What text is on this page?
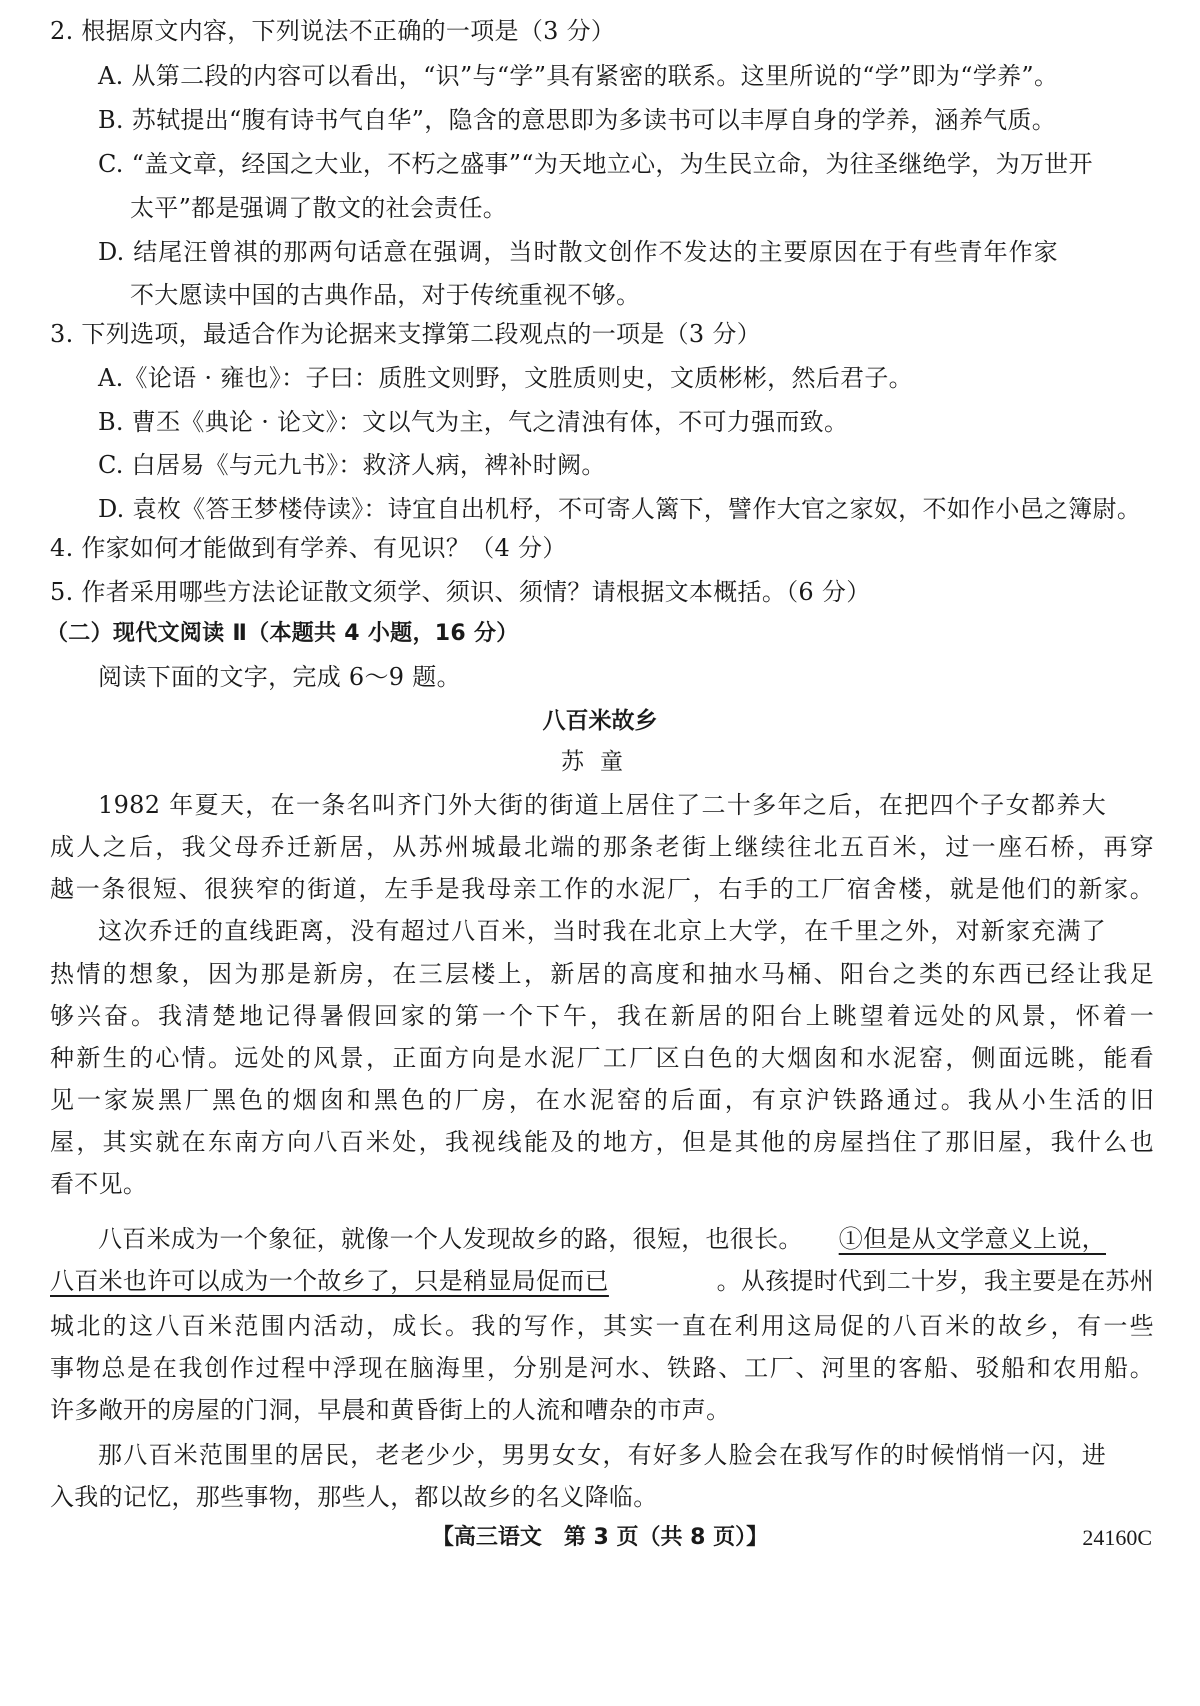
2. 根据原文内容，下列说法不正确的一项是（3 分）
A. 从第二段的内容可以看出，“识”与“学”具有紧密的联系。这里所说的“学”即为“学养”。
B. 苏轼提出“腹有诗书气自华”，隐含的意思即为多读书可以丰厚自身的学养，涵养气质。
C. “盖文章，经国之大业，不朽之盛事”“为天地立心，为生民立命，为往圣继绝学，为万世开
太平”都是强调了散文的社会责任。
D. 结尾汪曾祺的那两句话意在强调，当时散文创作不发达的主要原因在于有些青年作家
不大愿读中国的古典作品，对于传统重视不够。
3. 下列选项，最适合作为论据来支撑第二段观点的一项是（3 分）
A.《论语 · 雍也》：子曰：质胜文则野，文胜质则史，文质彬彬，然后君子。
B. 曹丕《典论 · 论文》：文以气为主，气之清浊有体，不可力强而致。
C. 白居易《与元九书》：救济人病，裨补时阙。
D. 袁枚《答王梦楼侍读》：诗宜自出机杼，不可寄人篱下，譬作大官之家奴，不如作小邑之簿尉。
4. 作家如何才能做到有学养、有见识？（4 分）
5. 作者采用哪些方法论证散文须学、须识、须情？请根据文本概括。（6 分）
（二）现代文阅读 Ⅱ（本题共 4 小题，16 分）
阅读下面的文字，完成 6～9 题。
八百米故乡
苏童
1982 年夏天，在一条名叫齐门外大街的街道上居住了二十多年之后，在把四个子女都养大
成人之后，我父母乔迁新居，从苏州城最北端的那条老街上继续往北五百米，过一座石桥，再穿
越一条很短、很狭窄的街道，左手是我母亲工作的水泥厂，右手的工厂宿舍楼，就是他们的新家。
这次乔迁的直线距离，没有超过八百米，当时我在北京上大学，在千里之外，对新家充满了
热情的想象，因为那是新房，在三层楼上，新居的高度和抽水马桶、阳台之类的东西已经让我足
够兴奋。我清楚地记得暑假回家的第一个下午，我在新居的阳台上眺望着远处的风景，怀着一
种新生的心情。远处的风景，正面方向是水泥厂工厂区白色的大烟囱和水泥窑，侧面远眺，能看
见一家炭黑厂黑色的烟囱和黑色的厂房，在水泥窑的后面，有京沪铁路通过。我从小生活的旧
屋，其实就在东南方向八百米处，我视线能及的地方，但是其他的房屋挡住了那旧屋，我什么也
看不见。
八百米成为一个象征，就像一个人发现故乡的路，很短，也很长。 ①但是从文学意义上说，
八百米也许可以成为一个故乡了，只是稍显局促而已	。从孩提时代到二十岁，我主要是在苏州
城北的这八百米范围内活动，成长。我的写作，其实一直在利用这局促的八百米的故乡，有一些
事物总是在我创作过程中浮现在脑海里，分别是河水、铁路、工厂、河里的客船、驳船和农用船。
许多敞开的房屋的门洞，早晨和黄昏街上的人流和嘈杂的市声。
那八百米范围里的居民，老老少少，男男女女，有好多人脸会在我写作的时候悄悄一闪，进
入我的记忆，那些事物，那些人，都以故乡的名义降临。
【高三语文　第 3 页（共 8 页）】	24160C
